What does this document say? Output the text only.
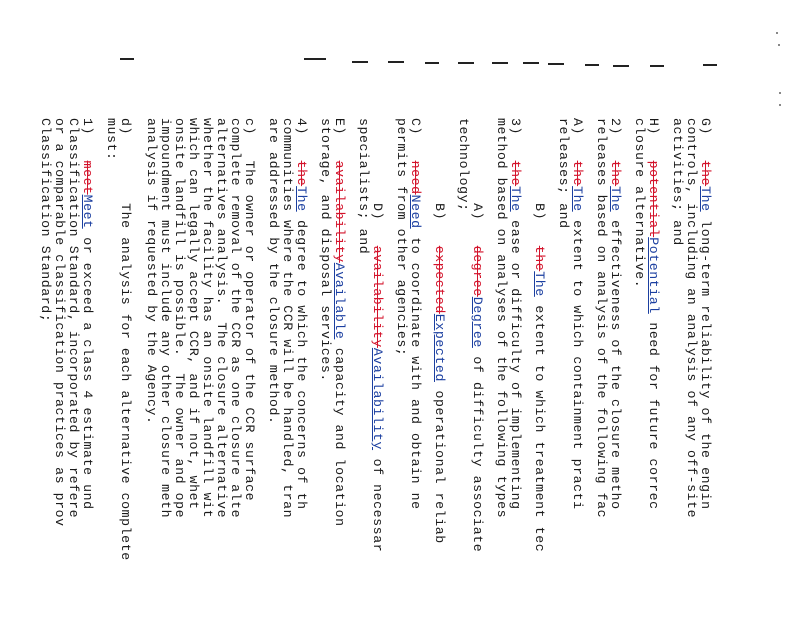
G)   theThe long-term reliability of the engin
controls, including an analysis of any off-site
activities; and
H)   potentialPotential need for future correc
closure alternative.
2)   theThe effectiveness of the closure metho
releases based on analysis of the following fac
A)   theThe extent to which containment practi
releases; and
B)   theThe extent to which treatment tec
3)   theThe ease or difficulty of implementing
method based on analyses of the following types
A)   degreeDegree of difficulty associate
technology;
B)   expectedExpected operational reliab
C)   needNeed to coordinate with and obtain ne
permits from other agencies;
D)   availabilityAvailability of necessar
specialists; and
E)   availabilityAvailable capacity and location
storage, and disposal services.
4)   theThe degree to which the concerns of th
communities where the CCR will be handled, tran
are addressed by the closure method.
c)   The owner or operator of the CCR surface
complete removal of the CCR as one closure alte
alternatives analysis.  The closure alternative
whether the facility has an onsite landfill wit
which can legally accept CCR, and if not, whet
onsite landfill is possible.  The owner and ope
impoundment must include any other closure meth
analysis if requested by the Agency.
d)        The analysis for each alternative complete
must:
1)   meetMeet or exceed a class 4 estimate und
Classification Standard, incorporated by refere
or a comparable classification practices as prov
Classification Standard;
